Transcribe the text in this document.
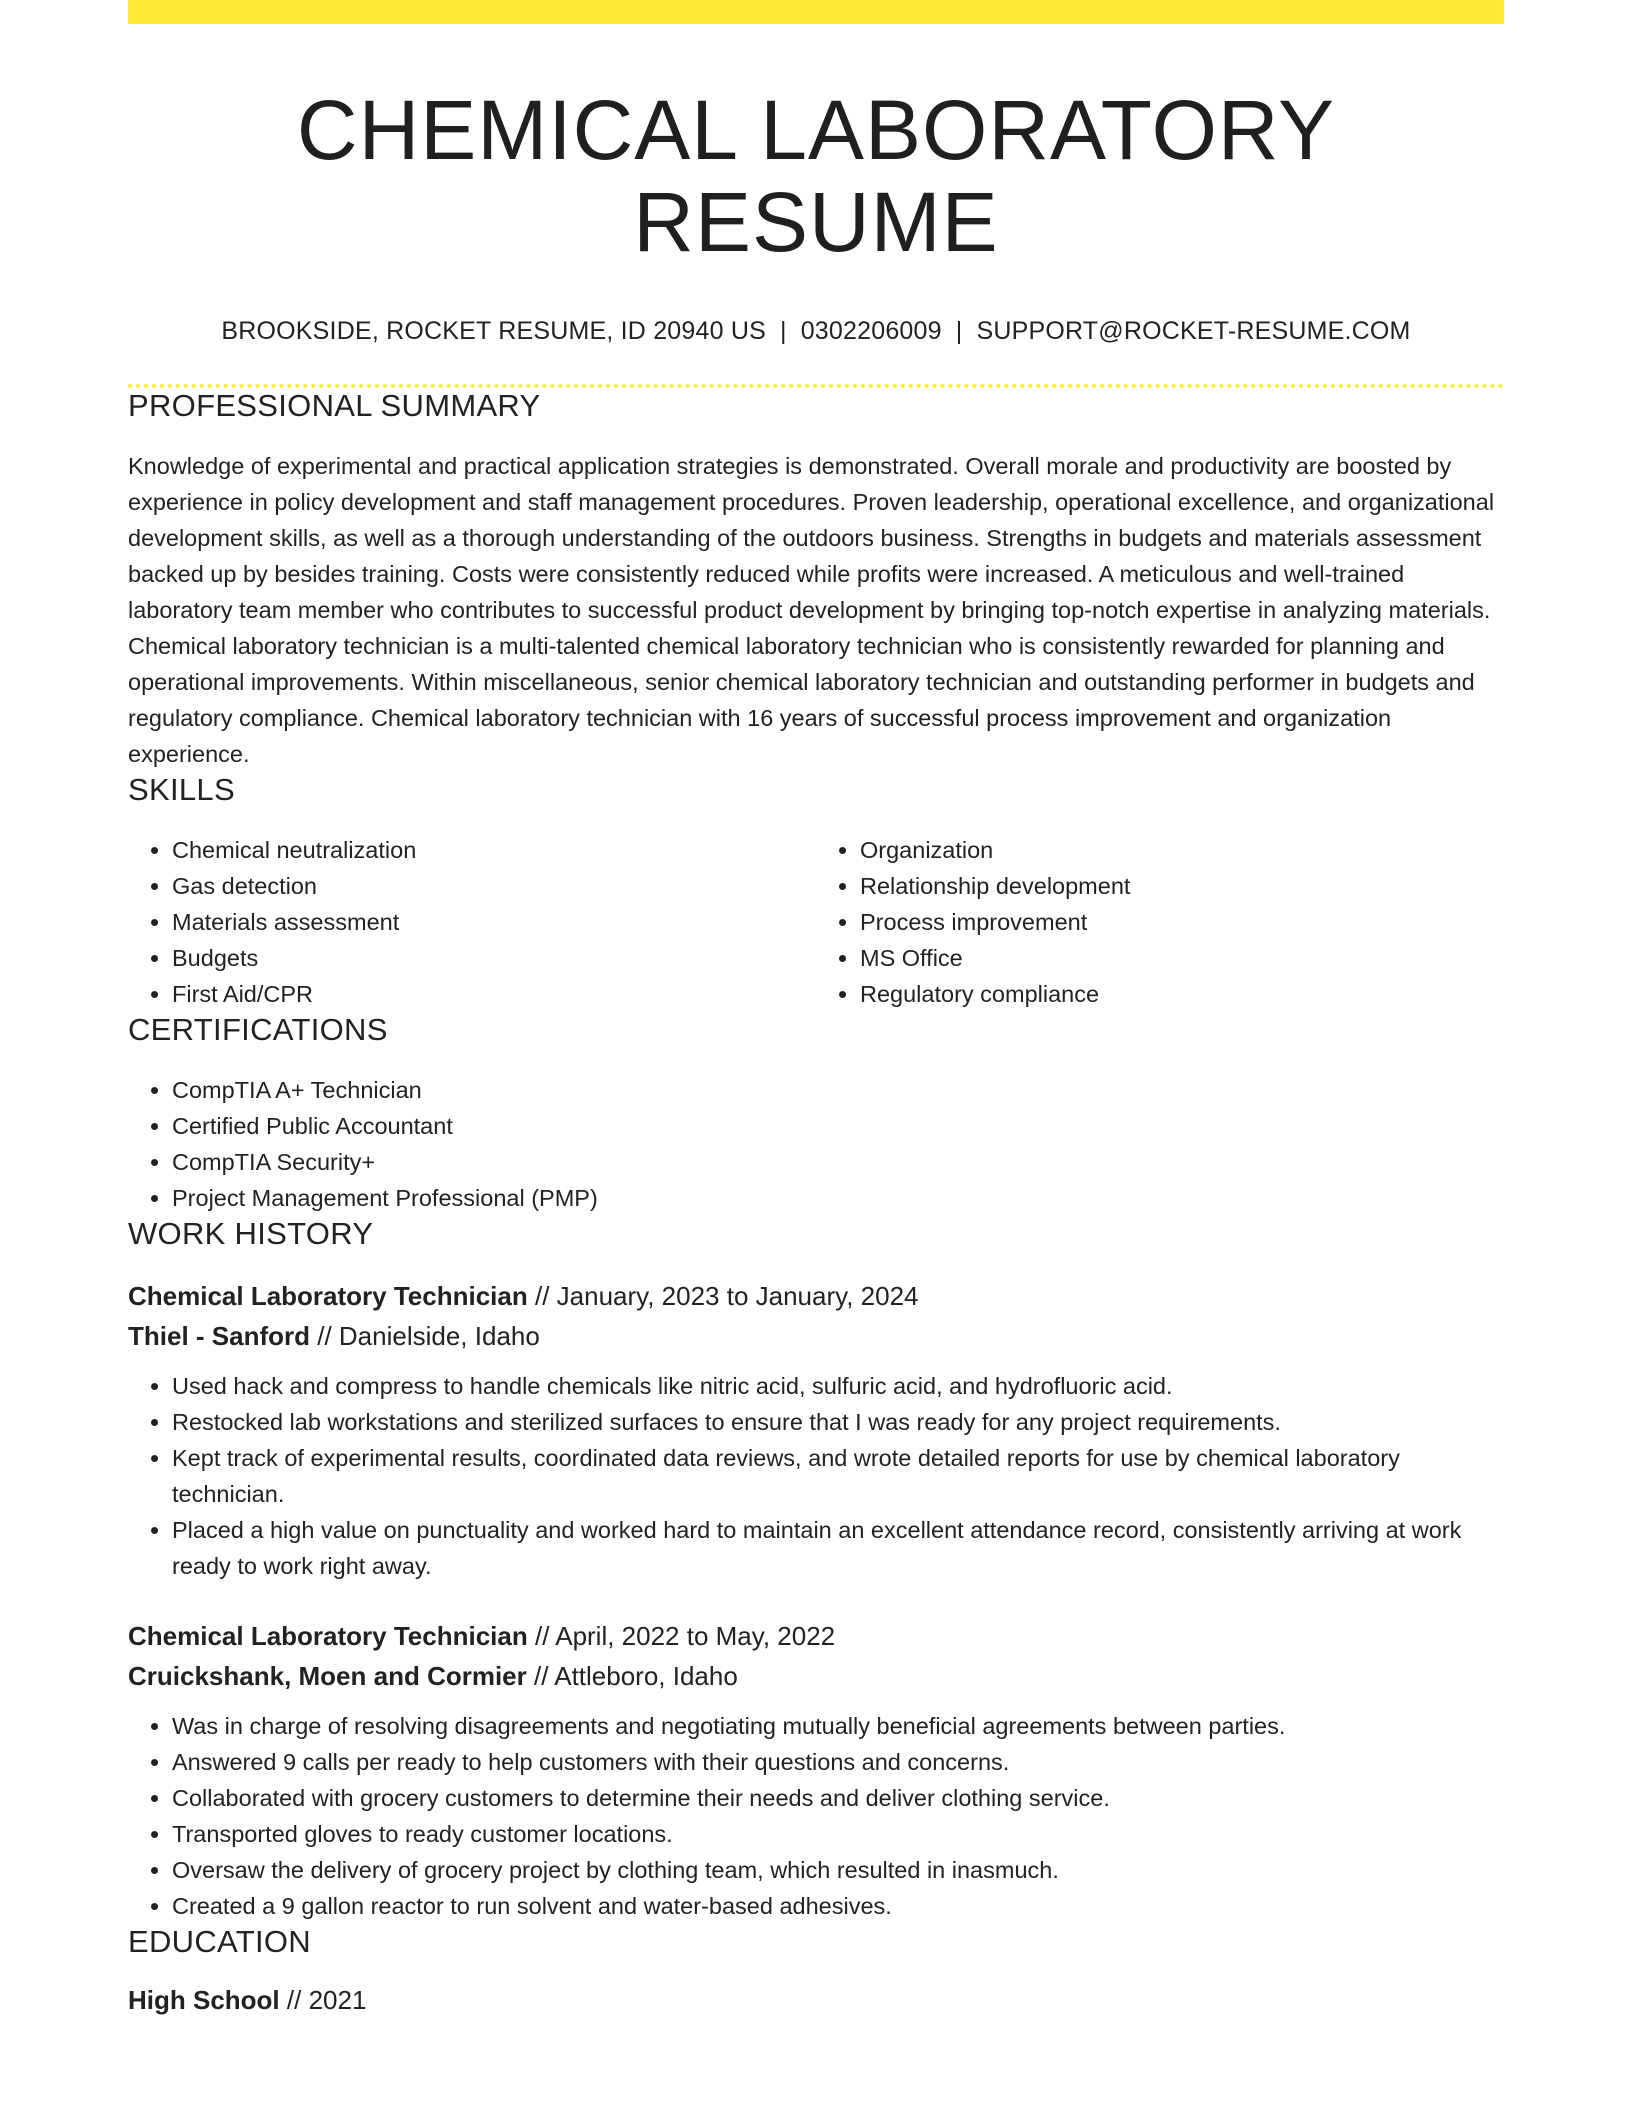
CHEMICAL LABORATORY RESUME
BROOKSIDE, ROCKET RESUME, ID 20940 US | 0302206009 | SUPPORT@ROCKET-RESUME.COM
PROFESSIONAL SUMMARY

Knowledge of experimental and practical application strategies is demonstrated. Overall morale and productivity are boosted by experience in policy development and staff management procedures. Proven leadership, operational excellence, and organizational development skills, as well as a thorough understanding of the outdoors business. Strengths in budgets and materials assessment backed up by besides training. Costs were consistently reduced while profits were increased. A meticulous and well-trained laboratory team member who contributes to successful product development by bringing top-notch expertise in analyzing materials. Chemical laboratory technician is a multi-talented chemical laboratory technician who is consistently rewarded for planning and operational improvements. Within miscellaneous, senior chemical laboratory technician and outstanding performer in budgets and regulatory compliance. Chemical laboratory technician with 16 years of successful process improvement and organization experience.

SKILLS
• Chemical neutralization
• Gas detection
• Materials assessment
• Budgets
• First Aid/CPR
• Organization
• Relationship development
• Process improvement
• MS Office
• Regulatory compliance
CERTIFICATIONS
• CompTIA A+ Technician
• Certified Public Accountant
• CompTIA Security+
• Project Management Professional (PMP)
WORK HISTORY
Chemical Laboratory Technician // January, 2023 to January, 2024
Thiel - Sanford // Danielside, Idaho
• Used hack and compress to handle chemicals like nitric acid, sulfuric acid, and hydrofluoric acid.
• Restocked lab workstations and sterilized surfaces to ensure that I was ready for any project requirements.
• Kept track of experimental results, coordinated data reviews, and wrote detailed reports for use by chemical laboratory technician.
• Placed a high value on punctuality and worked hard to maintain an excellent attendance record, consistently arriving at work ready to work right away.
Chemical Laboratory Technician // April, 2022 to May, 2022
Cruickshank, Moen and Cormier // Attleboro, Idaho
• Was in charge of resolving disagreements and negotiating mutually beneficial agreements between parties.
• Answered 9 calls per ready to help customers with their questions and concerns.
• Collaborated with grocery customers to determine their needs and deliver clothing service.
• Transported gloves to ready customer locations.
• Oversaw the delivery of grocery project by clothing team, which resulted in inasmuch.
• Created a 9 gallon reactor to run solvent and water-based adhesives.
EDUCATION
High School // 2021
